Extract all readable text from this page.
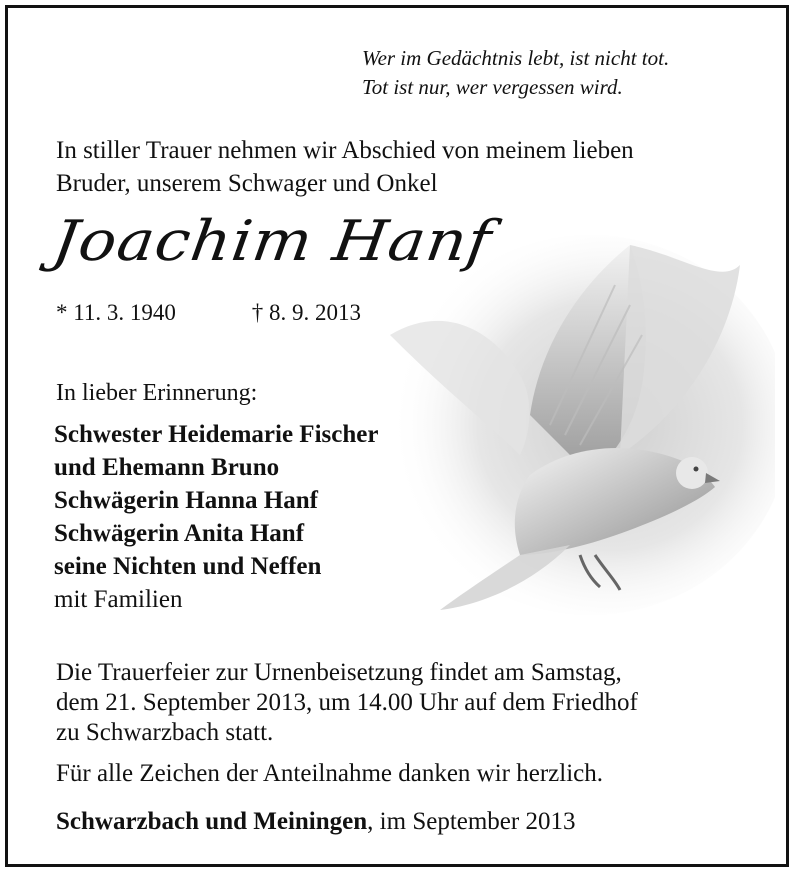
Wer im Gedächtnis lebt, ist nicht tot.
Tot ist nur, wer vergessen wird.
In stiller Trauer nehmen wir Abschied von meinem lieben
Bruder, unserem Schwager und Onkel
Joachim Hanf
* 11. 3. 1940	† 8. 9. 2013
In lieber Erinnerung:
Schwester Heidemarie Fischer
und Ehemann Bruno
Schwägerin Hanna Hanf
Schwägerin Anita Hanf
seine Nichten und Neffen
mit Familien
Die Trauerfeier zur Urnenbeisetzung findet am Samstag,
dem 21. September 2013, um 14.00 Uhr auf dem Friedhof
zu Schwarzbach statt.
Für alle Zeichen der Anteilnahme danken wir herzlich.
Schwarzbach und Meiningen, im September 2013
